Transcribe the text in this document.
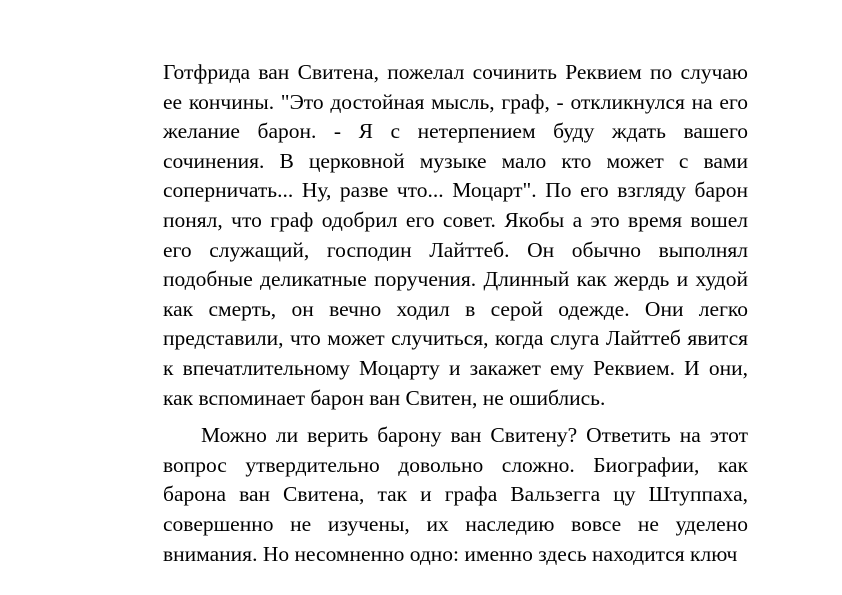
Готфрида ван Свитена, пожелал сочинить Реквием по случаю ее кончины. "Это достойная мысль, граф, - откликнулся на его желание барон. - Я с нетерпением буду ждать вашего сочинения. В церковной музыке мало кто может с вами соперничать... Ну, разве что... Моцарт". По его взгляду барон понял, что граф одобрил его совет. Якобы а это время вошел его служащий, господин Лайттеб. Он обычно выполнял подобные деликатные поручения. Длинный как жердь и худой как смерть, он вечно ходил в серой одежде. Они легко представили, что может случиться, когда слуга Лайттеб явится к впечатлительному Моцарту и закажет ему Реквием. И они, как вспоминает барон ван Свитен, не ошиблись.

Можно ли верить барону ван Свитену? Ответить на этот вопрос утвердительно довольно сложно. Биографии, как барона ван Свитена, так и графа Вальзегга цу Штуппаха, совершенно не изучены, их наследию вовсе не уделено внимания. Но несомненно одно: именно здесь находится ключ
